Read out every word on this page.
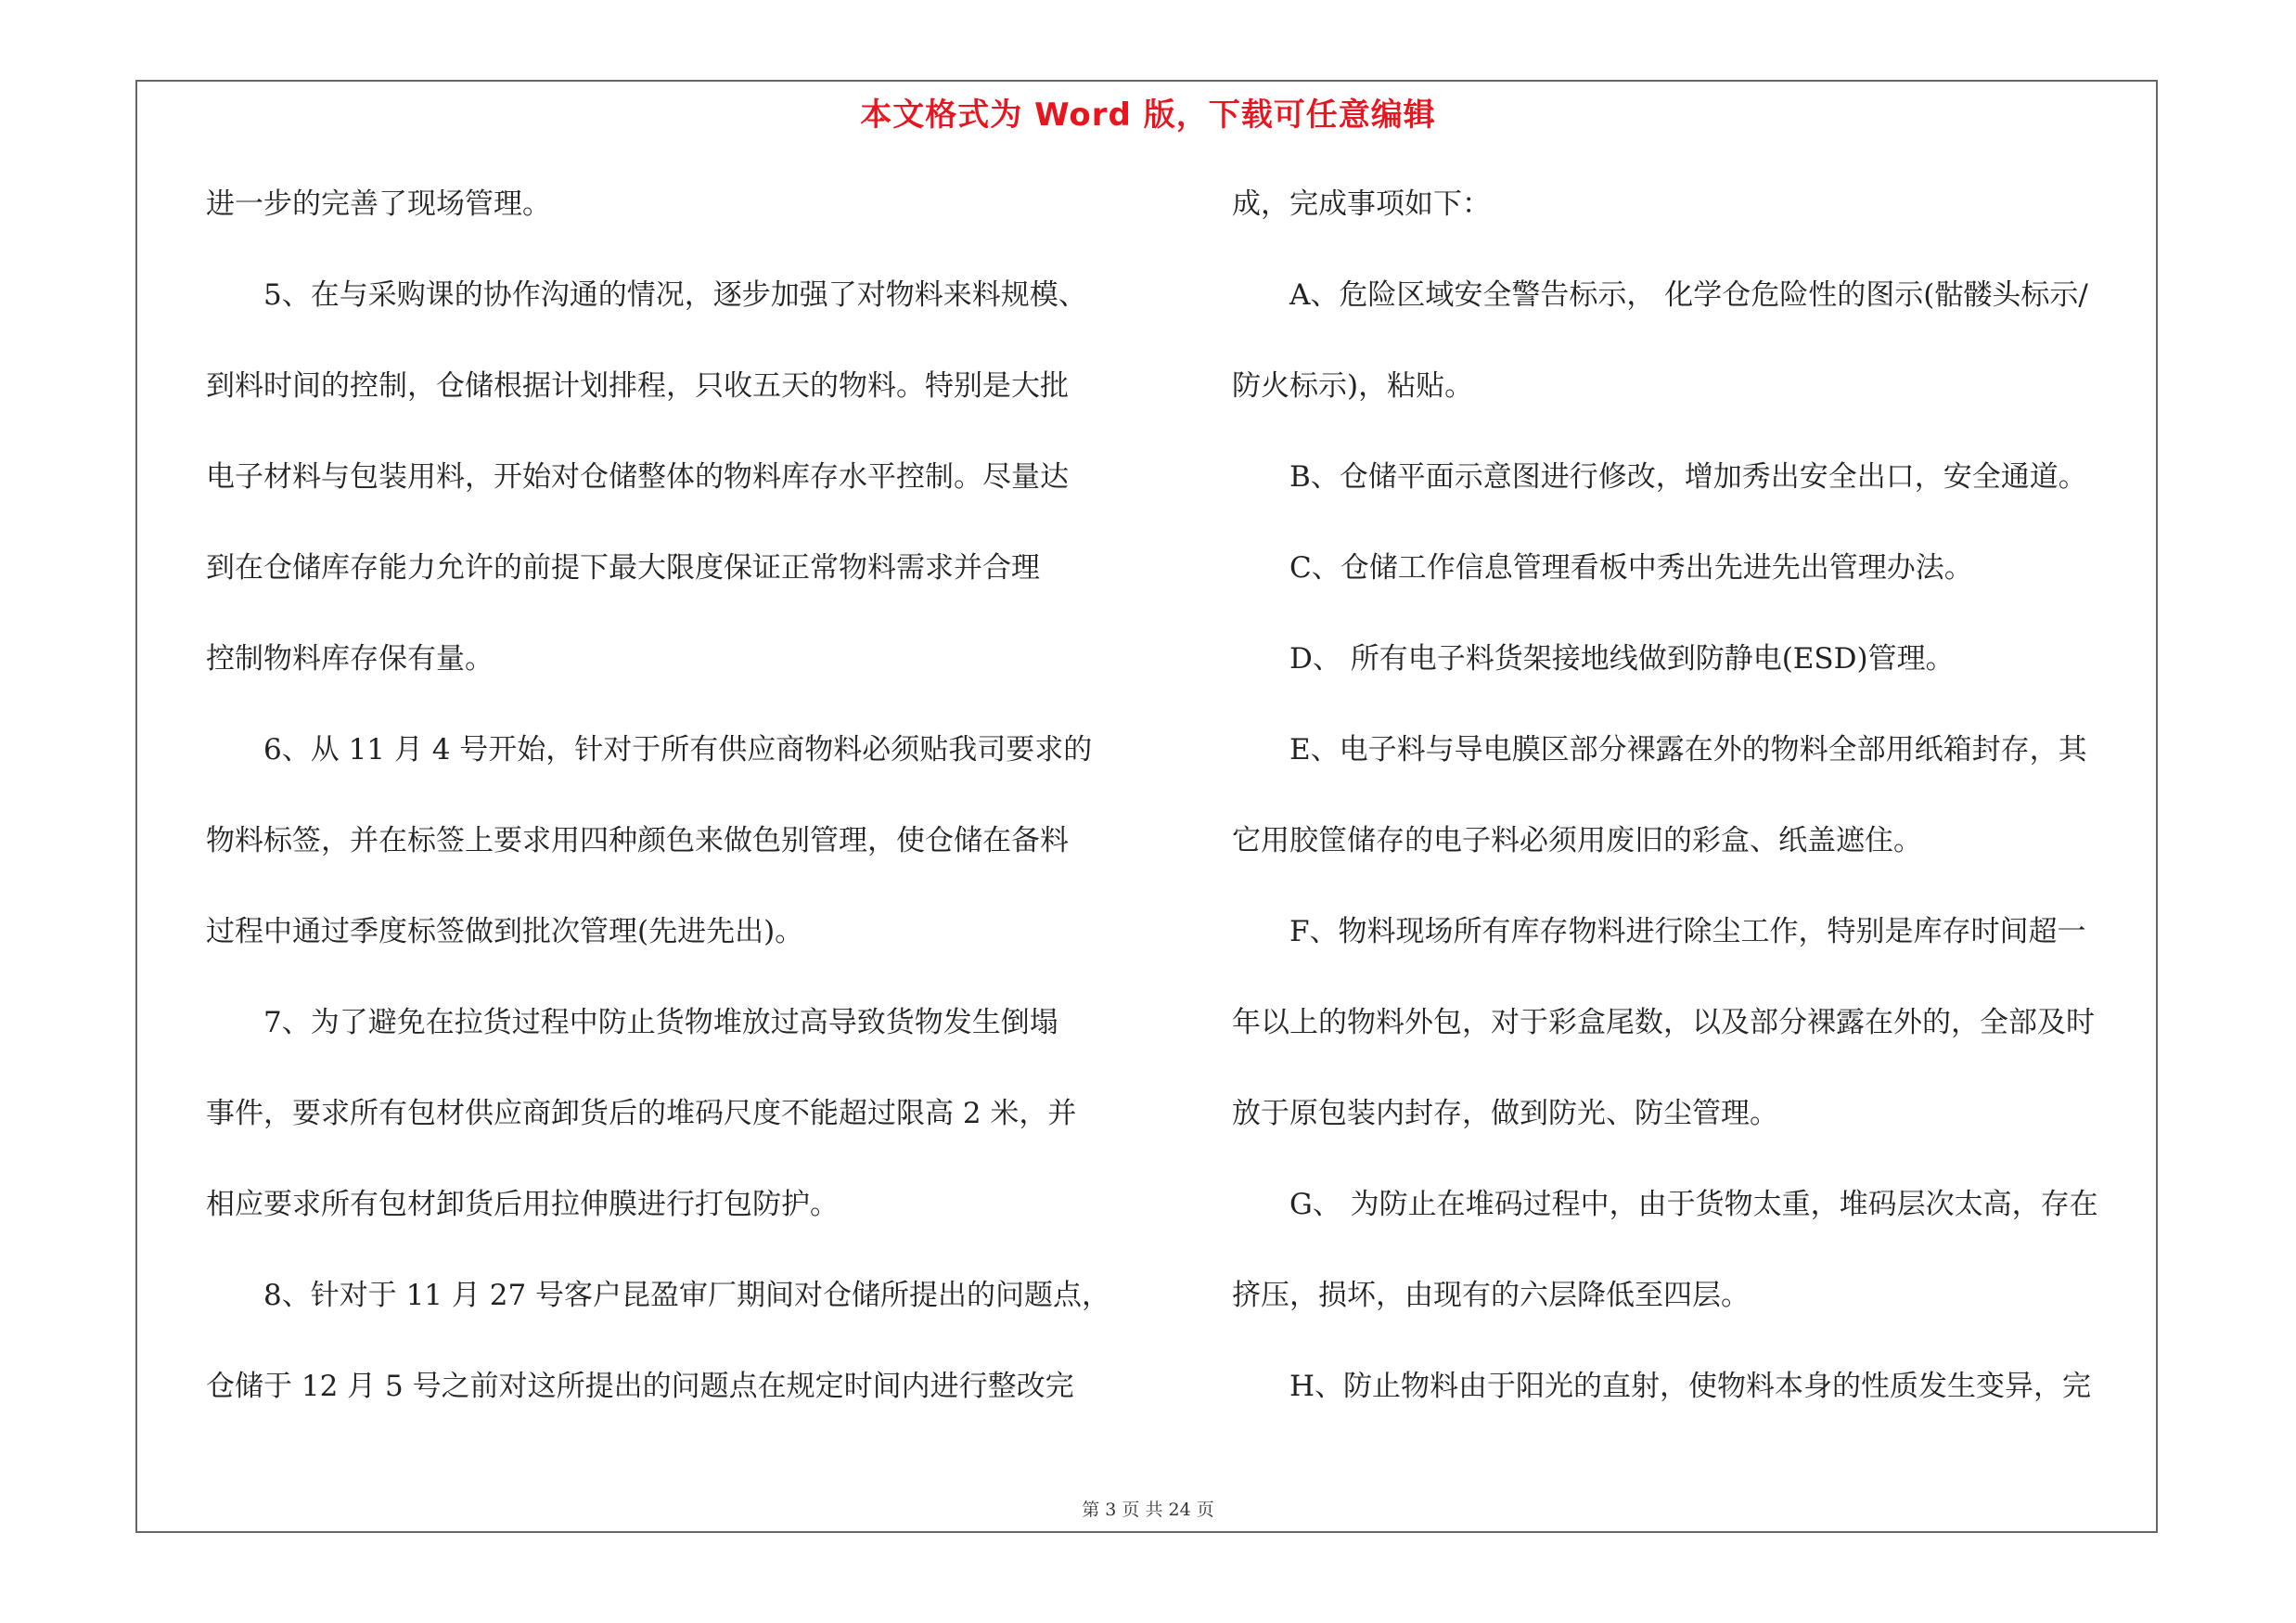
本文格式为 Word 版，下载可任意编辑
进一步的完善了现场管理。
5、在与采购课的协作沟通的情况，逐步加强了对物料来料规模、
到料时间的控制，仓储根据计划排程，只收五天的物料。特别是大批
电子材料与包装用料，开始对仓储整体的物料库存水平控制。尽量达
到在仓储库存能力允许的前提下最大限度保证正常物料需求并合理
控制物料库存保有量。
6、从 11 月 4 号开始，针对于所有供应商物料必须贴我司要求的
物料标签，并在标签上要求用四种颜色来做色别管理，使仓储在备料
过程中通过季度标签做到批次管理(先进先出)。
7、为了避免在拉货过程中防止货物堆放过高导致货物发生倒塌
事件，要求所有包材供应商卸货后的堆码尺度不能超过限高 2 米，并
相应要求所有包材卸货后用拉伸膜进行打包防护。
8、针对于 11 月 27 号客户昆盈审厂期间对仓储所提出的问题点，
仓储于 12 月 5 号之前对这所提出的问题点在规定时间内进行整改完
成，完成事项如下：
A、危险区域安全警告标示， 化学仓危险性的图示(骷髅头标示/
防火标示)，粘贴。
B、仓储平面示意图进行修改，增加秀出安全出口，安全通道。
C、仓储工作信息管理看板中秀出先进先出管理办法。
D、 所有电子料货架接地线做到防静电(ESD)管理。
E、电子料与导电膜区部分裸露在外的物料全部用纸箱封存，其
它用胶筐储存的电子料必须用废旧的彩盒、纸盖遮住。
F、物料现场所有库存物料进行除尘工作，特别是库存时间超一
年以上的物料外包，对于彩盒尾数，以及部分裸露在外的，全部及时
放于原包装内封存，做到防光、防尘管理。
G、 为防止在堆码过程中，由于货物太重，堆码层次太高，存在
挤压，损坏，由现有的六层降低至四层。
H、防止物料由于阳光的直射，使物料本身的性质发生变异，完
第 3 页 共 24 页
